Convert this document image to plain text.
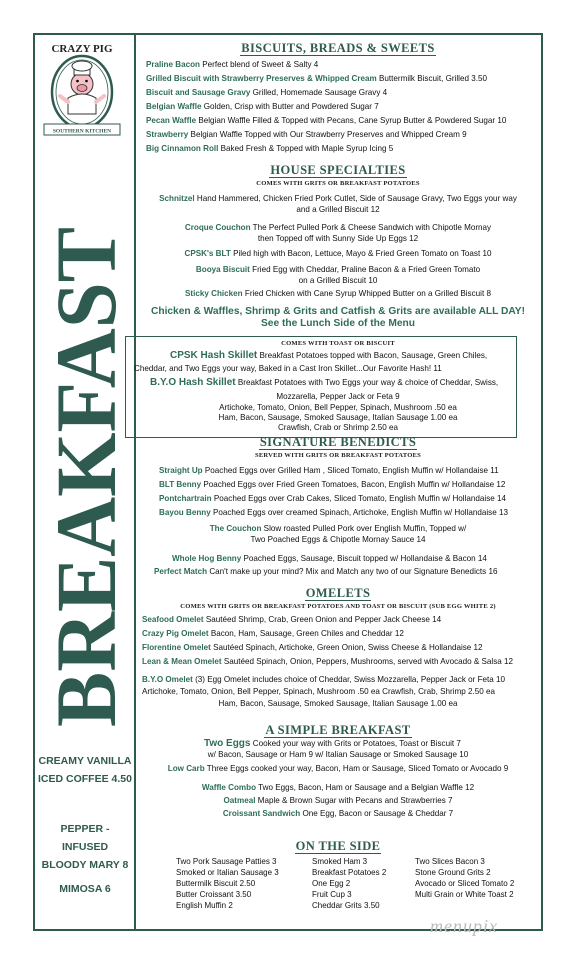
CRAZY PIG
SOUTHERN KITCHEN
BREAKFAST
CREAMY VANILLA
ICED COFFEE 4.50
PEPPER - INFUSED
BLOODY MARY 8
MIMOSA 6
BISCUITS, BREADS & SWEETS
Praline Bacon Perfect blend of Sweet & Salty 4
Grilled Biscuit with Strawberry Preserves & Whipped Cream Buttermilk Biscuit, Grilled 3.50
Biscuit and Sausage Gravy Grilled, Homemade Sausage Gravy 4
Belgian Waffle Golden, Crisp with Butter and Powdered Sugar 7
Pecan Waffle Belgian Waffle Filled & Topped with Pecans, Cane Syrup Butter & Powdered Sugar 10
Strawberry Belgian Waffle Topped with Our Strawberry Preserves and Whipped Cream 9
Big Cinnamon Roll Baked Fresh & Topped with Maple Syrup Icing 5
HOUSE SPECIALTIES
COMES WITH GRITS OR BREAKFAST POTATOES
Schnitzel Hand Hammered, Chicken Fried Pork Cutlet, Side of Sausage Gravy, Two Eggs your way
and a Grilled Biscuit 12
Croque Couchon The Perfect Pulled Pork & Cheese Sandwich with Chipotle Mornay
then Topped off with Sunny Side Up Eggs 12
CPSK's BLT Piled high with Bacon, Lettuce, Mayo & Fried Green Tomato on Toast 10
Booya Biscuit Fried Egg with Cheddar, Praline Bacon & a Fried Green Tomato
on a Grilled Biscuit 10
Sticky Chicken Fried Chicken with Cane Syrup Whipped Butter on a Grilled Biscuit 8
Chicken & Waffles, Shrimp & Grits and Catfish & Grits are available ALL DAY!
See the Lunch Side of the Menu
COMES WITH TOAST OR BISCUIT
CPSK Hash Skillet Breakfast Potatoes topped with Bacon, Sausage, Green Chiles,
Cheddar, and Two Eggs your way, Baked in a Cast Iron Skillet...Our Favorite Hash! 11
B.Y.O Hash Skillet Breakfast Potatoes with Two Eggs your way & choice of Cheddar, Swiss,
Mozzarella, Pepper Jack or Feta 9
Artichoke, Tomato, Onion, Bell Pepper, Spinach, Mushroom .50 ea
Ham, Bacon, Sausage, Smoked Sausage, Italian Sausage 1.00 ea
Crawfish, Crab or Shrimp 2.50 ea
SIGNATURE BENEDICTS
SERVED WITH GRITS OR BREAKFAST POTATOES
Straight Up Poached Eggs over Grilled Ham , Sliced Tomato, English Muffin w/ Hollandaise 11
BLT Benny Poached Eggs over Fried Green Tomatoes, Bacon, English Muffin w/ Hollandaise 12
Pontchartrain Poached Eggs over Crab Cakes, Sliced Tomato, English Muffin w/ Hollandaise 14
Bayou Benny Poached Eggs over creamed Spinach, Artichoke, English Muffin w/ Hollandaise 13
The Couchon Slow roasted Pulled Pork over English Muffin, Topped w/
Two Poached Eggs & Chipotle Mornay Sauce 14
Whole Hog Benny Poached Eggs, Sausage, Biscuit topped w/ Hollandaise & Bacon 14
Perfect Match Can't make up your mind? Mix and Match any two of our Signature Benedicts 16
OMELETS
COMES WITH GRITS OR BREAKFAST POTATOES AND TOAST OR BISCUIT (SUB EGG WHITE 2)
Seafood Omelet Sautéed Shrimp, Crab, Green Onion and Pepper Jack Cheese 14
Crazy Pig Omelet Bacon, Ham, Sausage, Green Chiles and Cheddar 12
Florentine Omelet Sautéed Spinach, Artichoke, Green Onion, Swiss Cheese & Hollandaise 12
Lean & Mean Omelet Sautéed Spinach, Onion, Peppers, Mushrooms, served with Avocado & Salsa 12
B.Y.O Omelet (3) Egg Omelet includes choice of Cheddar, Swiss Mozzarella, Pepper Jack or Feta 10
Artichoke, Tomato, Onion, Bell Pepper, Spinach, Mushroom .50 ea Crawfish, Crab, Shrimp 2.50 ea
Ham, Bacon, Sausage, Smoked Sausage, Italian Sausage 1.00 ea
A SIMPLE BREAKFAST
Two Eggs Cooked your way with Grits or Potatoes, Toast or Biscuit 7
w/ Bacon, Sausage or Ham 9 w/ Italian Sausage or Smoked Sausage 10
Low Carb Three Eggs cooked your way, Bacon, Ham or Sausage, Sliced Tomato or Avocado 9
Waffle Combo Two Eggs, Bacon, Ham or Sausage and a Belgian Waffle 12
Oatmeal Maple & Brown Sugar with Pecans and Strawberries 7
Croissant Sandwich One Egg, Bacon or Sausage & Cheddar 7
ON THE SIDE
Two Pork Sausage Patties 3
Smoked or Italian Sausage 3
Buttermilk Biscuit 2.50
Butter Croissant 3.50
English Muffin 2
Smoked Ham 3
Breakfast Potatoes 2
One Egg 2
Fruit Cup 3
Cheddar Grits 3.50
Two Slices Bacon 3
Stone Ground Grits 2
Avocado or Sliced Tomato 2
Multi Grain or White Toast 2
menupix
